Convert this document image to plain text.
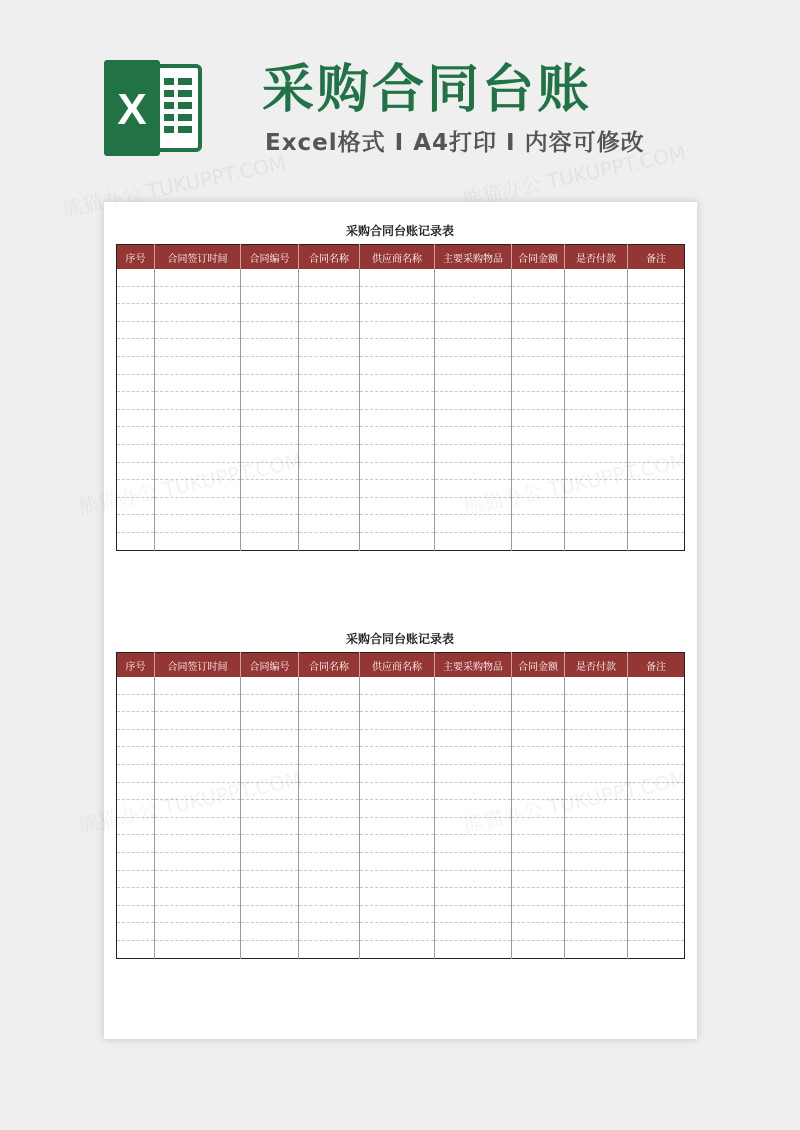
X 采购合同台账
Excel格式 Ⅰ A4打印 Ⅰ 内容可修改
熊猫办公 TUKUPPT.COM	熊猫办公 TUKUPPT.COM
采购合同台账记录表
序号	合同签订时间	合同编号	合同名称	供应商名称	主要采购物品	合同金额	是否付款	备注

熊猫办公 TUKUPPT.COM	熊猫办公 TUKUPPT.COM
采购合同台账记录表
序号	合同签订时间	合同编号	合同名称	供应商名称	主要采购物品	合同金额	是否付款	备注

熊猫办公 TUKUPPT.COM	熊猫办公 TUKUPPT.COM
